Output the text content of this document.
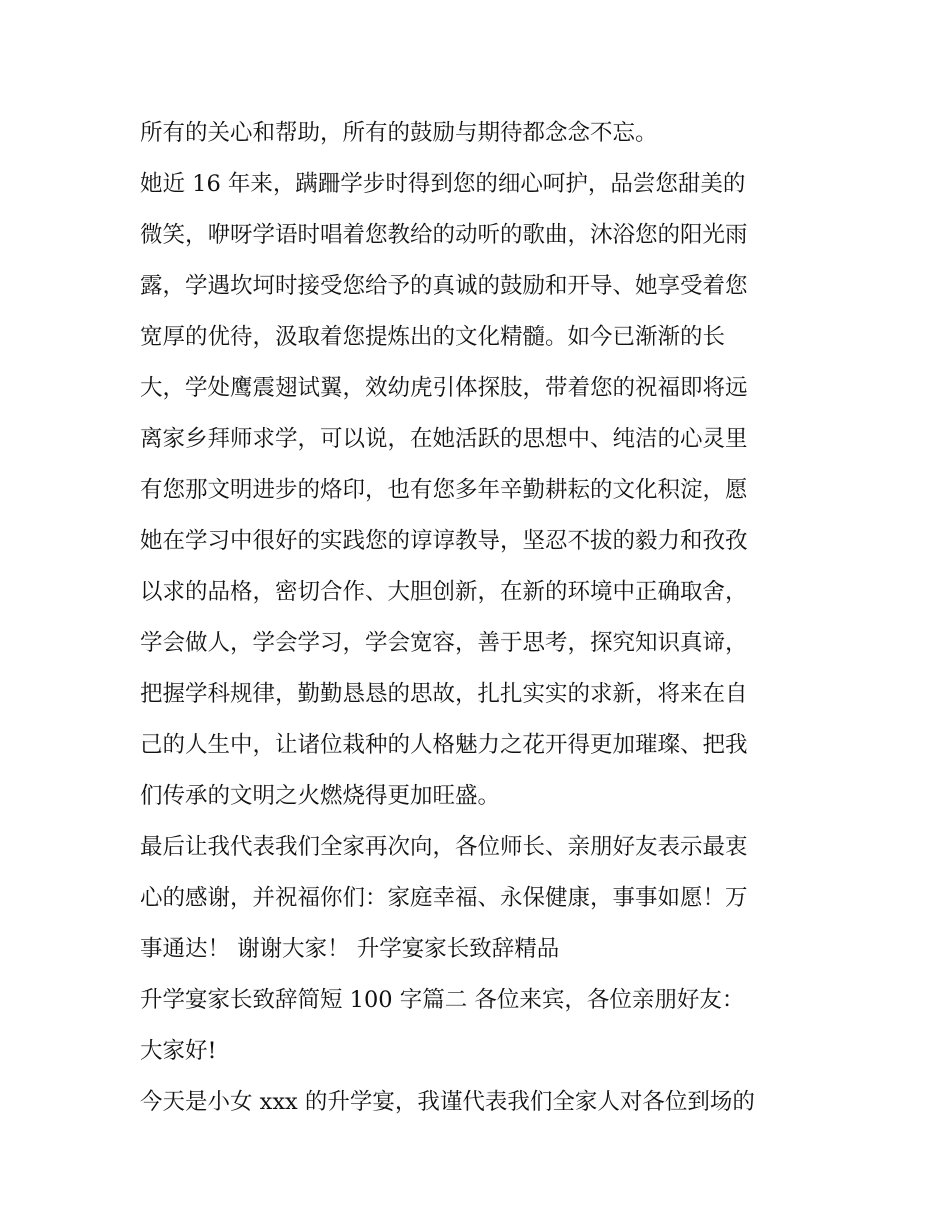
所有的关心和帮助，所有的鼓励与期待都念念不忘。
她近 16 年来，蹒跚学步时得到您的细心呵护，品尝您甜美的
微笑，咿呀学语时唱着您教给的动听的歌曲，沐浴您的阳光雨
露，学遇坎坷时接受您给予的真诚的鼓励和开导、她享受着您
宽厚的优待，汲取着您提炼出的文化精髓。如今已渐渐的长
大，学处鹰震翅试翼，效幼虎引体探肢，带着您的祝福即将远
离家乡拜师求学，可以说，在她活跃的思想中、纯洁的心灵里
有您那文明进步的烙印，也有您多年辛勤耕耘的文化积淀，愿
她在学习中很好的实践您的谆谆教导，坚忍不拔的毅力和孜孜
以求的品格，密切合作、大胆创新，在新的环境中正确取舍，
学会做人，学会学习，学会宽容，善于思考，探究知识真谛，
把握学科规律，勤勤恳恳的思故，扎扎实实的求新，将来在自
己的人生中，让诸位栽种的人格魅力之花开得更加璀璨、把我
们传承的文明之火燃烧得更加旺盛。
最后让我代表我们全家再次向，各位师长、亲朋好友表示最衷
心的感谢，并祝福你们：家庭幸福、永保健康，事事如愿！万
事通达！ 谢谢大家！ 升学宴家长致辞精品
升学宴家长致辞简短 100 字篇二 各位来宾，各位亲朋好友：
大家好!
今天是小女 xxx 的升学宴，我谨代表我们全家人对各位到场的
